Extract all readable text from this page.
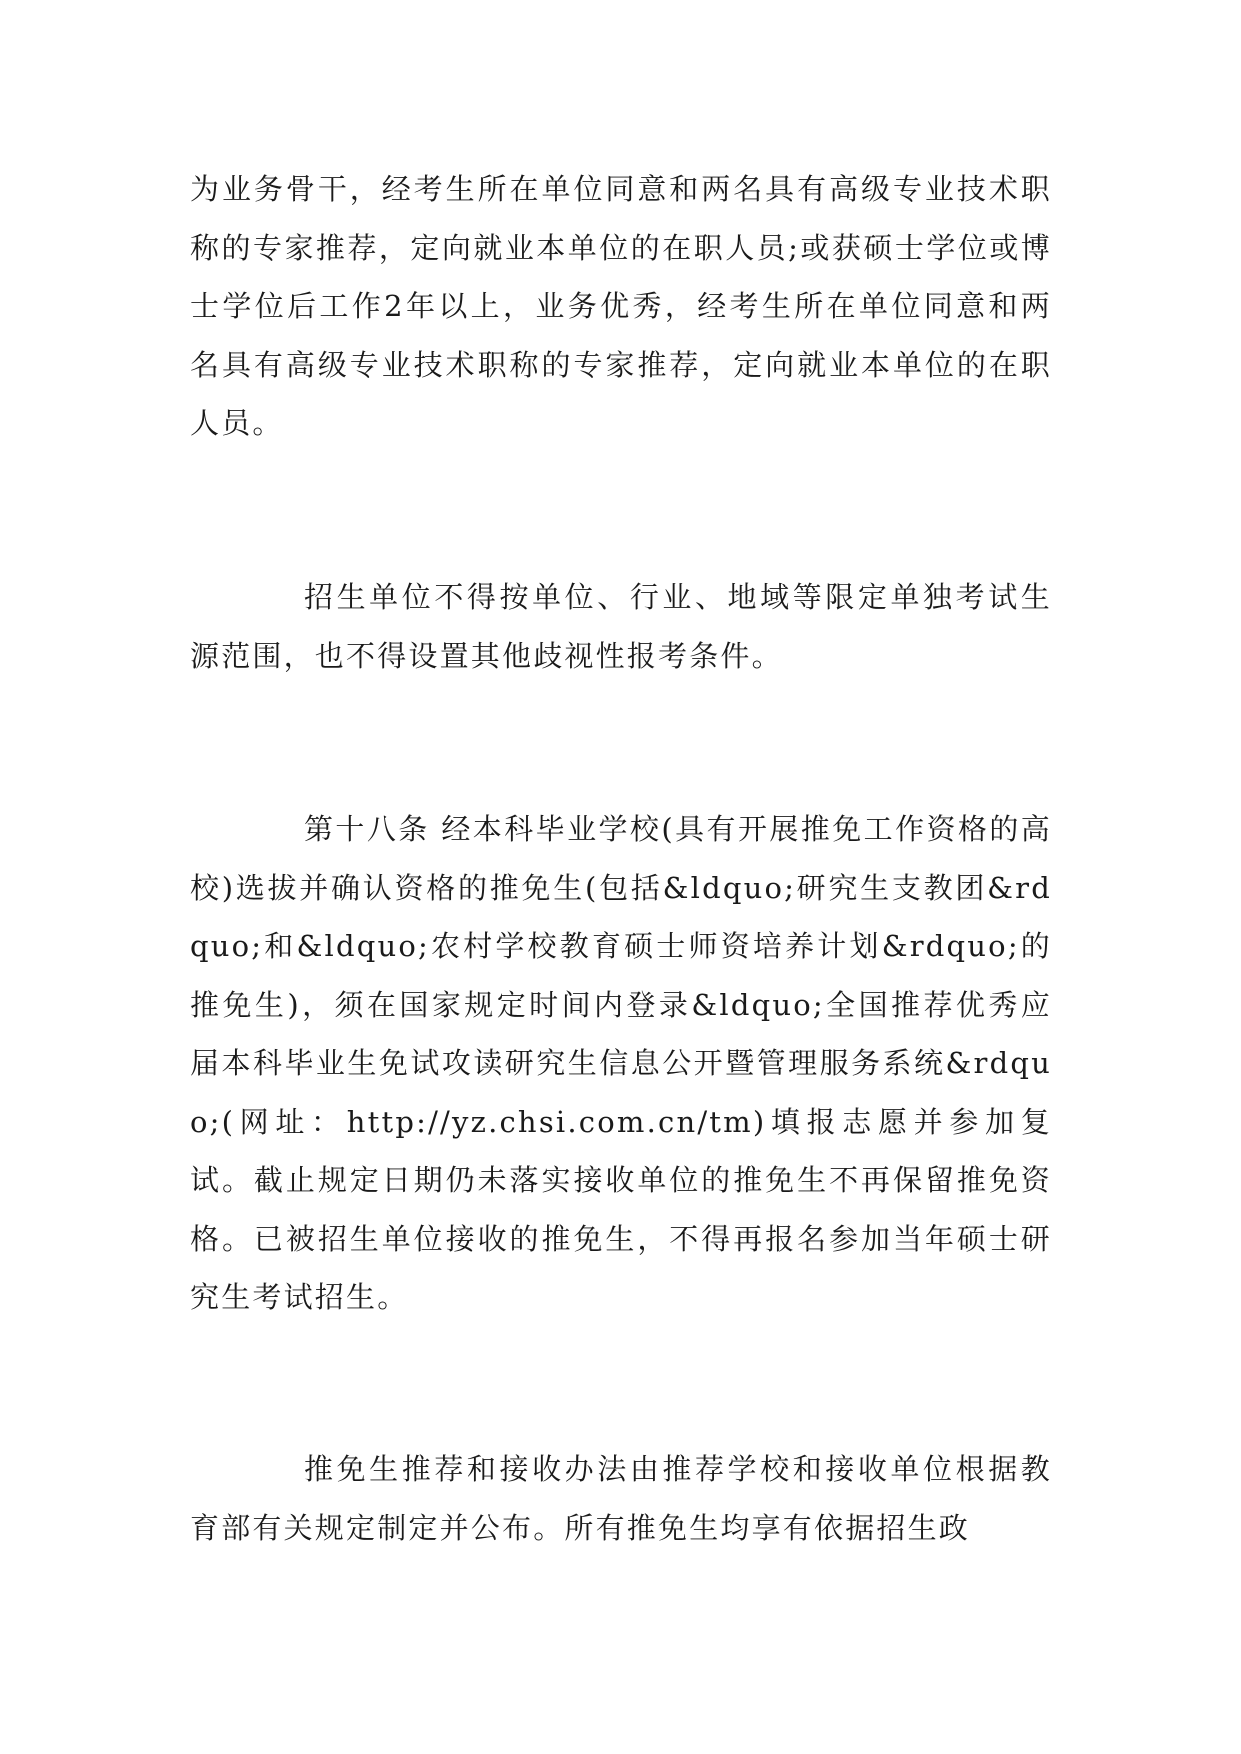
为业务骨干，经考生所在单位同意和两名具有高级专业技术职称的专家推荐，定向就业本单位的在职人员;或获硕士学位或博士学位后工作2年以上，业务优秀，经考生所在单位同意和两名具有高级专业技术职称的专家推荐，定向就业本单位的在职人员。

招生单位不得按单位、行业、地域等限定单独考试生源范围，也不得设置其他歧视性报考条件。

第十八条 经本科毕业学校(具有开展推免工作资格的高校)选拔并确认资格的推免生(包括&ldquo;研究生支教团&rdquo;和&ldquo;农村学校教育硕士师资培养计划&rdquo;的推免生)，须在国家规定时间内登录&ldquo;全国推荐优秀应届本科毕业生免试攻读研究生信息公开暨管理服务系统&rdquo;(网址：http://yz.chsi.com.cn/tm)填报志愿并参加复试。截止规定日期仍未落实接收单位的推免生不再保留推免资格。已被招生单位接收的推免生，不得再报名参加当年硕士研究生考试招生。

推免生推荐和接收办法由推荐学校和接收单位根据教育部有关规定制定并公布。所有推免生均享有依据招生政
